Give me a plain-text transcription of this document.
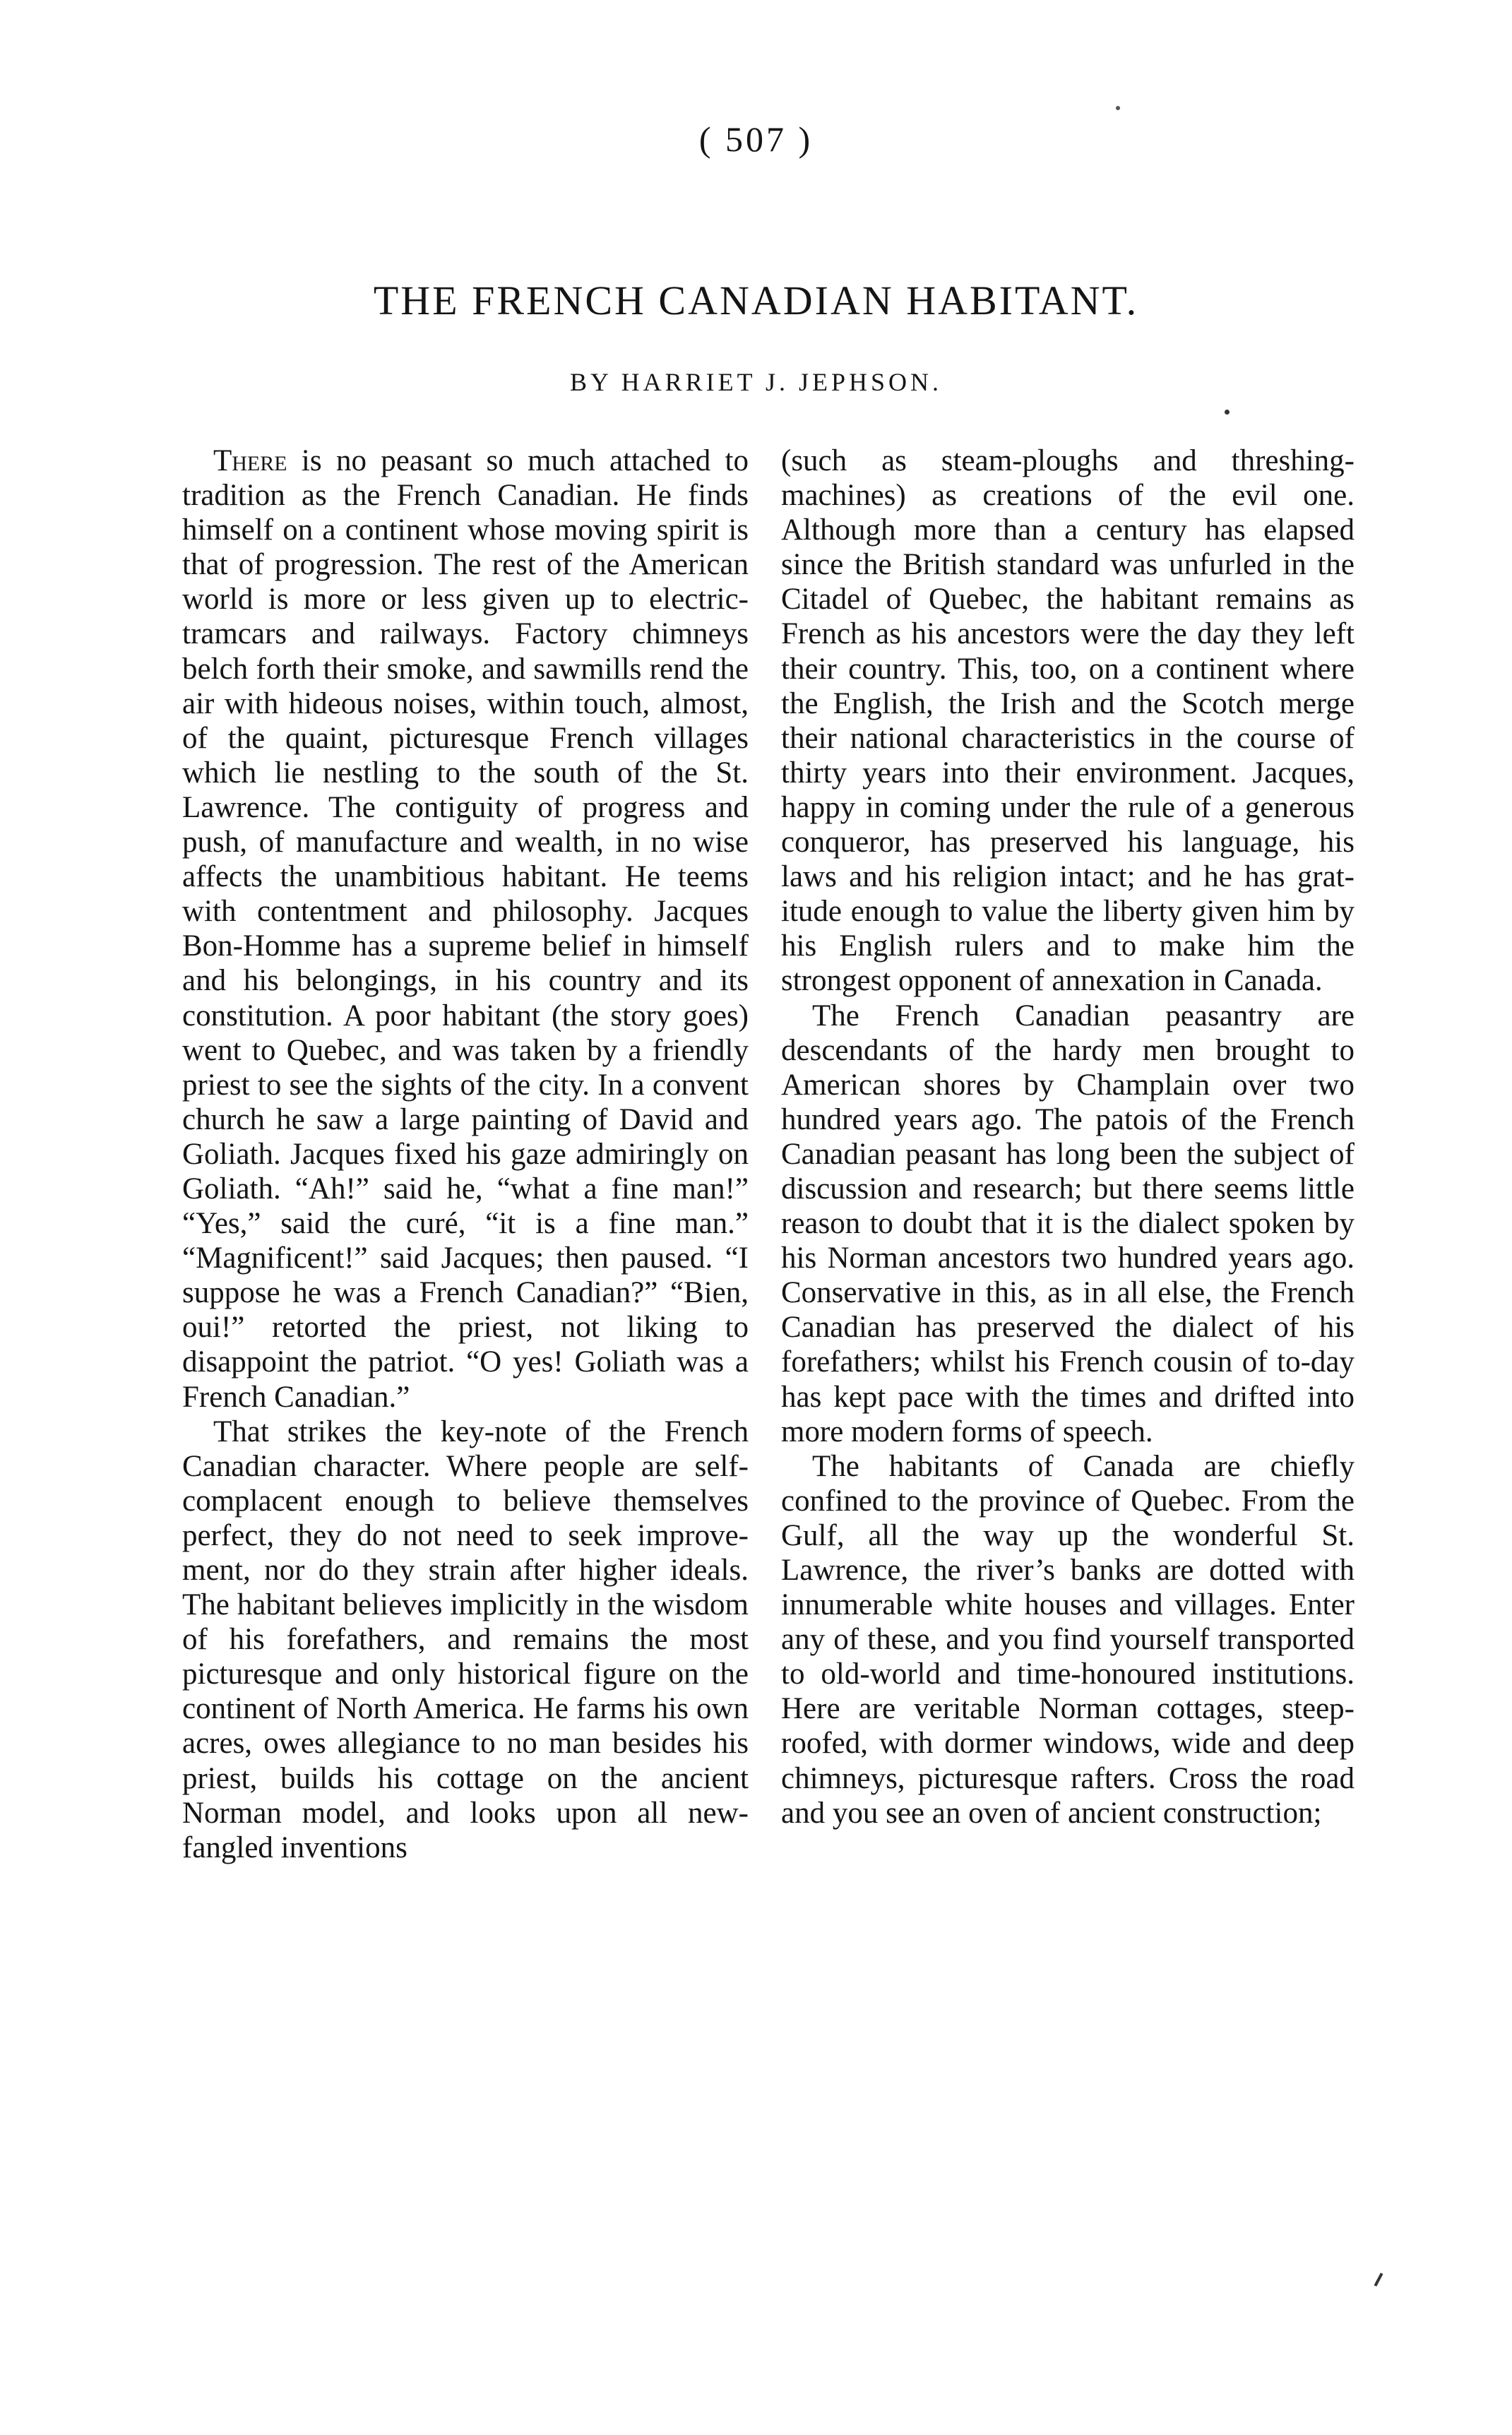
( 507 )
THE FRENCH CANADIAN HABITANT.
BY HARRIET J. JEPHSON.

There is no peasant so much attached to tradition as the French Canadian. He finds himself on a continent whose moving spirit is that of progression. The rest of the American world is more or less given up to electric-tramcars and railways. Factory chimneys belch forth their smoke, and sawmills rend the air with hideous noises, within touch, almost, of the quaint, picturesque French villages which lie nestling to the south of the St. Lawrence. The contiguity of progress and push, of manufacture and wealth, in no wise affects the unambitious habitant. He teems with contentment and philosophy. Jacques Bon-Homme has a supreme belief in himself and his belongings, in his country and its constitution. A poor habitant (the story goes) went to Quebec, and was taken by a friendly priest to see the sights of the city. In a convent church he saw a large painting of David and Goliath. Jacques fixed his gaze admiringly on Goliath. “Ah!” said he, “what a fine man!” “Yes,” said the curé, “it is a fine man.” “Magnificent!” said Jacques; then paused. “I suppose he was a French Canadian?” “Bien, oui!” retorted the priest, not liking to disappoint the patriot. “O yes! Goliath was a French Canadian.”

That strikes the key-note of the French Canadian character. Where people are self-complacent enough to believe themselves perfect, they do not need to seek improvement, nor do they strain after higher ideals. The habitant believes implicitly in the wisdom of his forefathers, and remains the most picturesque and only historical figure on the continent of North America. He farms his own acres, owes allegiance to no man besides his priest, builds his cottage on the ancient Norman model, and looks upon all new-fangled inventions

(such as steam-ploughs and threshing-machines) as creations of the evil one. Although more than a century has elapsed since the British standard was unfurled in the Citadel of Quebec, the habitant remains as French as his ancestors were the day they left their country. This, too, on a continent where the English, the Irish and the Scotch merge their national characteristics in the course of thirty years into their environment. Jacques, happy in coming under the rule of a generous conqueror, has preserved his language, his laws and his religion intact; and he has gratitude enough to value the liberty given him by his English rulers and to make him the strongest opponent of annexation in Canada.

The French Canadian peasantry are descendants of the hardy men brought to American shores by Champlain over two hundred years ago. The patois of the French Canadian peasant has long been the subject of discussion and research; but there seems little reason to doubt that it is the dialect spoken by his Norman ancestors two hundred years ago. Conservative in this, as in all else, the French Canadian has preserved the dialect of his forefathers; whilst his French cousin of to-day has kept pace with the times and drifted into more modern forms of speech.

The habitants of Canada are chiefly confined to the province of Quebec. From the Gulf, all the way up the wonderful St. Lawrence, the river’s banks are dotted with innumerable white houses and villages. Enter any of these, and you find yourself transported to old-world and time-honoured institutions. Here are veritable Norman cottages, steep-roofed, with dormer windows, wide and deep chimneys, picturesque rafters. Cross the road and you see an oven of ancient construction;
